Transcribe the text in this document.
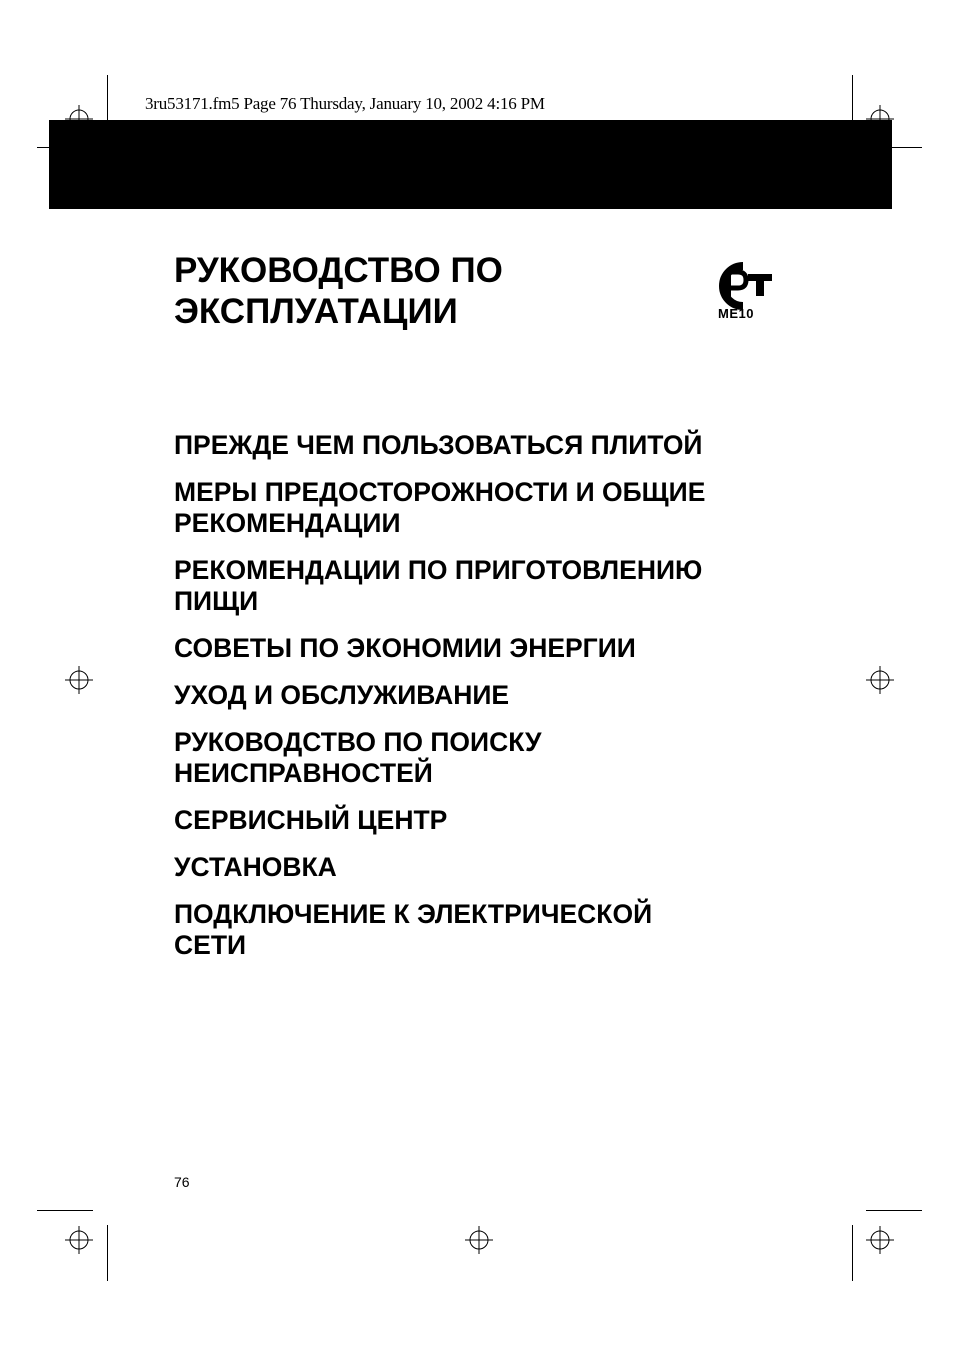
3ru53171.fm5 Page 76 Thursday, January 10, 2002 4:16 PM
РУКОВОДСТВО ПО
ЭКСПЛУАТАЦИИ	МЕ10
ПРЕЖДЕ ЧЕМ ПОЛЬЗОВАТЬСЯ ПЛИТОЙ
МЕРЫ ПРЕДОСТОРОЖНОСТИ И ОБЩИЕ
РЕКОМЕНДАЦИИ
РЕКОМЕНДАЦИИ ПО ПРИГОТОВЛЕНИЮ
ПИЩИ
СОВЕТЫ ПО ЭКОНОМИИ ЭНЕРГИИ
УХОД И ОБСЛУЖИВАНИЕ
РУКОВОДСТВО ПО ПОИСКУ
НЕИСПРАВНОСТЕЙ
СЕРВИСНЫЙ ЦЕНТР
УСТАНОВКА
ПОДКЛЮЧЕНИЕ К ЭЛЕКТРИЧЕСКОЙ
СЕТИ
76
